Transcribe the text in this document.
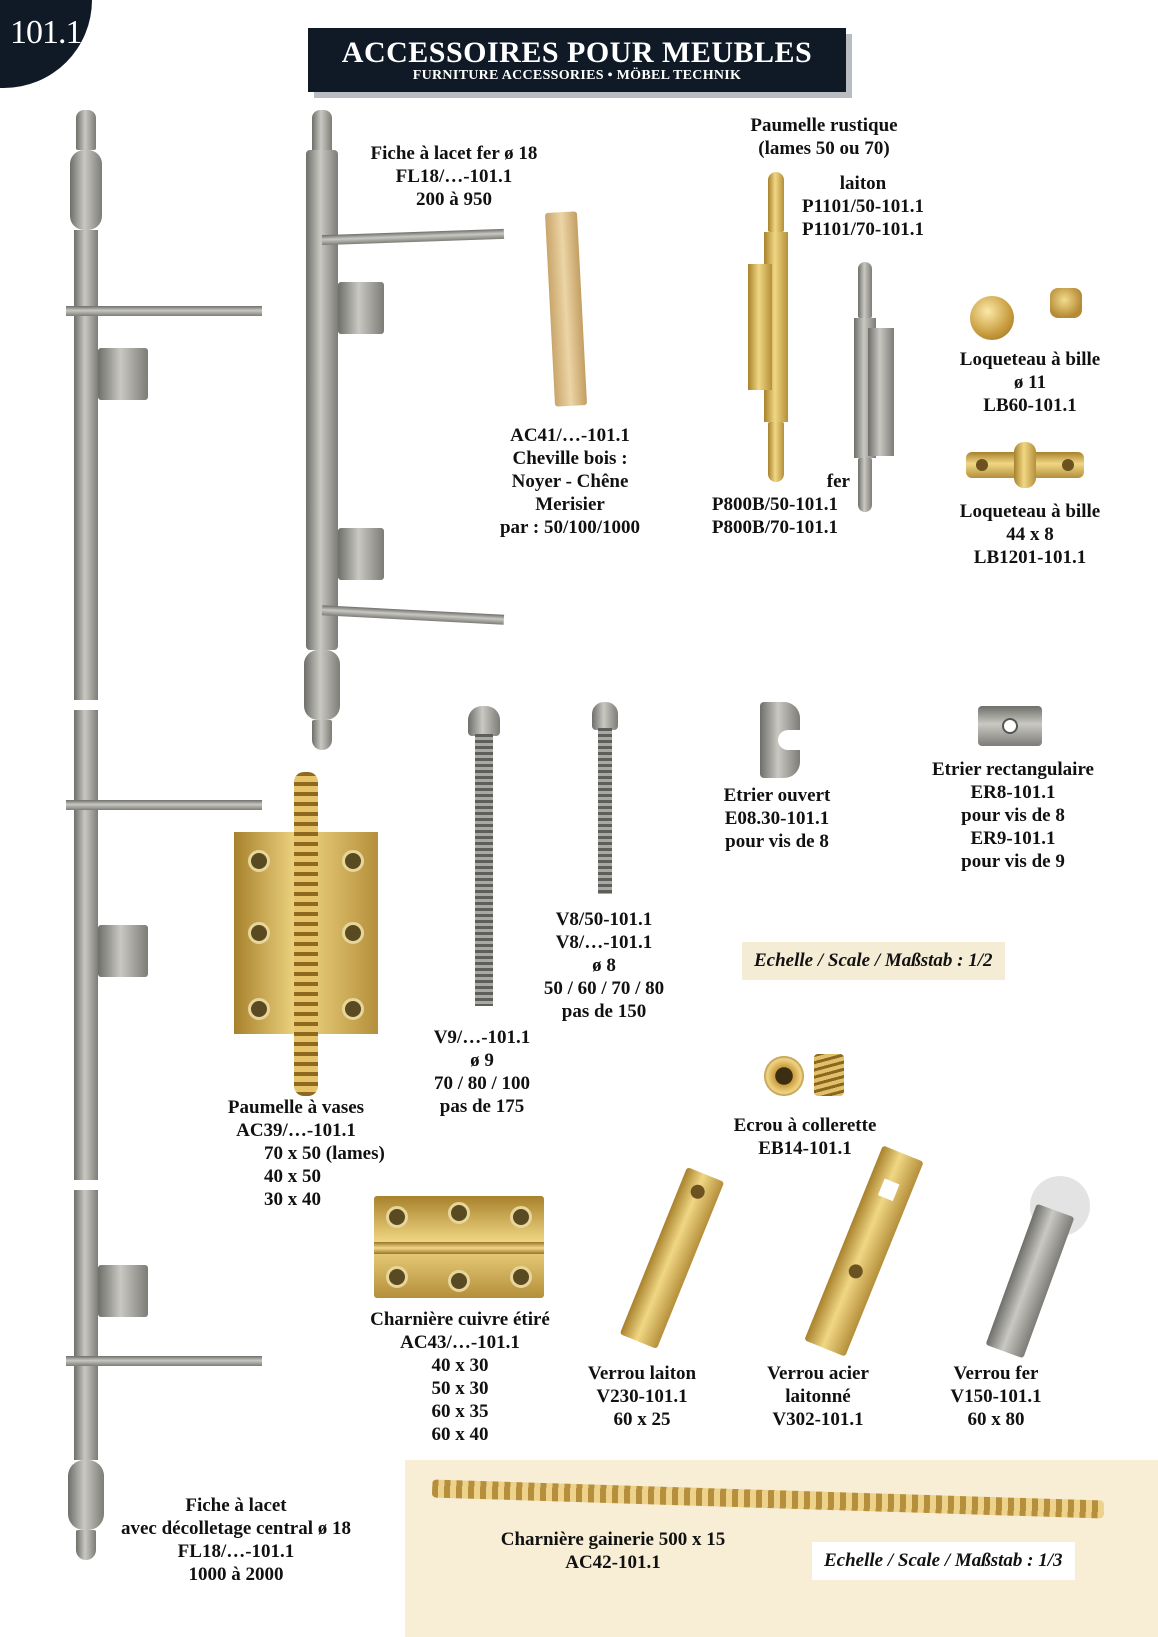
101.1
ACCESSOIRES POUR MEUBLES
FURNITURE ACCESSORIES • MÖBEL TECHNIK
Fiche à lacet fer ø 18
FL18/…-101.1
200 à 950
AC41/…-101.1
Cheville bois :
Noyer - Chêne
Merisier
par : 50/100/1000
Paumelle rustique
(lames 50 ou 70)
laiton
P1101/50-101.1
P1101/70-101.1
fer
P800B/50-101.1
P800B/70-101.1
Loqueteau à bille
ø 11
LB60-101.1
Loqueteau à bille
44 x 8
LB1201-101.1
Etrier ouvert
E08.30-101.1
pour vis de 8
Etrier rectangulaire
ER8-101.1
pour vis de 8
ER9-101.1
pour vis de 9
V8/50-101.1
V8/…-101.1
ø 8
50 / 60 / 70 / 80
pas de 150
V9/…-101.1
ø 9
70 / 80 / 100
pas de 175
Paumelle à vases
AC39/…-101.1
70 x 50 (lames)
40 x 50
30 x 40
Ecrou à collerette
EB14-101.1
Charnière cuivre étiré
AC43/…-101.1
40 x 30
50 x 30
60 x 35
60 x 40
Verrou laiton
V230-101.1
60 x 25
Verrou acier
laitonné
V302-101.1
Verrou fer
V150-101.1
60 x 80
Fiche à lacet
avec décolletage central ø 18
FL18/…-101.1
1000 à 2000
Charnière gainerie 500 x 15
AC42-101.1
Echelle / Scale / Maßstab : 1/2
Echelle / Scale / Maßstab : 1/3
